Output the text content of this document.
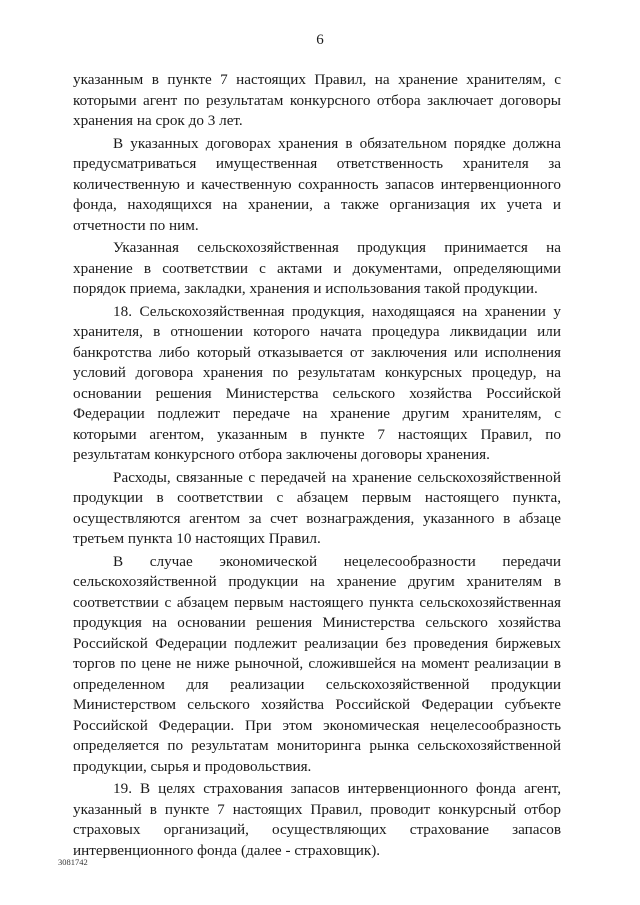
6

указанным в пункте 7 настоящих Правил, на хранение хранителям, с которыми агент по результатам конкурсного отбора заключает договоры хранения на срок до 3 лет.

В указанных договорах хранения в обязательном порядке должна предусматриваться имущественная ответственность хранителя за количественную и качественную сохранность запасов интервенционного фонда, находящихся на хранении, а также организация их учета и отчетности по ним.

Указанная сельскохозяйственная продукция принимается на хранение в соответствии с актами и документами, определяющими порядок приема, закладки, хранения и использования такой продукции.

18. Сельскохозяйственная продукция, находящаяся на хранении у хранителя, в отношении которого начата процедура ликвидации или банкротства либо который отказывается от заключения или исполнения условий договора хранения по результатам конкурсных процедур, на основании решения Министерства сельского хозяйства Российской Федерации подлежит передаче на хранение другим хранителям, с которыми агентом, указанным в пункте 7 настоящих Правил, по результатам конкурсного отбора заключены договоры хранения.

Расходы, связанные с передачей на хранение сельскохозяйственной продукции в соответствии с абзацем первым настоящего пункта, осуществляются агентом за счет вознаграждения, указанного в абзаце третьем пункта 10 настоящих Правил.

В случае экономической нецелесообразности передачи сельскохозяйственной продукции на хранение другим хранителям в соответствии с абзацем первым настоящего пункта сельскохозяйственная продукция на основании решения Министерства сельского хозяйства Российской Федерации подлежит реализации без проведения биржевых торгов по цене не ниже рыночной, сложившейся на момент реализации в определенном для реализации сельскохозяйственной продукции Министерством сельского хозяйства Российской Федерации субъекте Российской Федерации. При этом экономическая нецелесообразность определяется по результатам мониторинга рынка сельскохозяйственной продукции, сырья и продовольствия.

19. В целях страхования запасов интервенционного фонда агент, указанный в пункте 7 настоящих Правил, проводит конкурсный отбор страховых организаций, осуществляющих страхование запасов интервенционного фонда (далее - страховщик).

3081742
